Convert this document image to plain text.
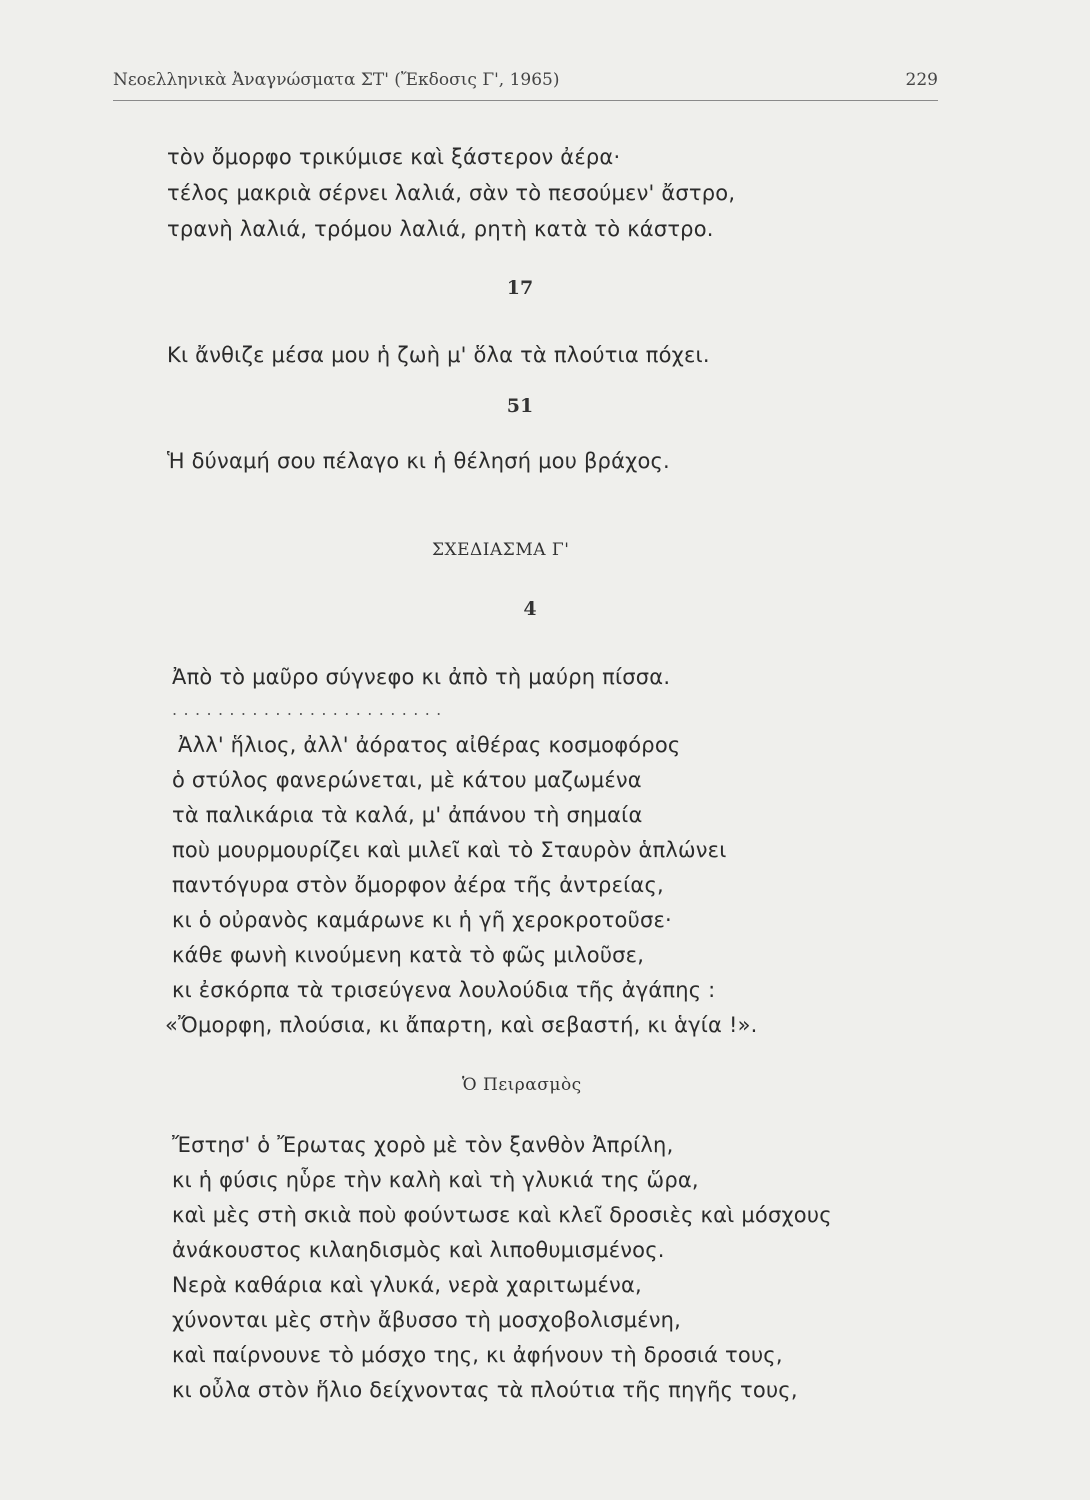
Νεοελληνικὰ Ἀναγνώσματα ΣΤ' (Ἔκδοσις Γ', 1965)	229
τὸν ὄμορφο τρικύμισε καὶ ξάστερον ἀέρα·
τέλος μακριὰ σέρνει λαλιά, σὰν τὸ πεσούμεν' ἄστρο,
τρανὴ λαλιά, τρόμου λαλιά, ρητὴ κατὰ τὸ κάστρο.
17
Κι ἄνθιζε μέσα μου ἡ ζωὴ μ' ὅλα τὰ πλούτια πόχει.
51
Ἡ δύναμή σου πέλαγο κι ἡ θέλησή μου βράχος.
ΣΧΕΔΙΑΣΜΑ Γ'
4
Ἀπὸ τὸ μαῦρο σύγνεφο κι ἀπὸ τὴ μαύρη πίσσα.
........................
Ἀλλ' ἥλιος, ἀλλ' ἀόρατος αἰθέρας κοσμοφόρος
ὁ στύλος φανερώνεται, μὲ κάτου μαζωμένα
τὰ παλικάρια τὰ καλά, μ' ἀπάνου τὴ σημαία
ποὺ μουρμουρίζει καὶ μιλεῖ καὶ τὸ Σταυρὸν ἁπλώνει
παντόγυρα στὸν ὄμορφον ἀέρα τῆς ἀντρείας,
κι ὁ οὐρανὸς καμάρωνε κι ἡ γῆ χεροκροτοῦσε·
κάθε φωνὴ κινούμενη κατὰ τὸ φῶς μιλοῦσε,
κι ἐσκόρπα τὰ τρισεύγενα λουλούδια τῆς ἀγάπης :
«Ὄμορφη, πλούσια, κι ἄπαρτη, καὶ σεβαστή, κι ἁγία !».
Ὁ Πειρασμὸς
Ἔστησ' ὁ Ἔρωτας χορὸ μὲ τὸν ξανθὸν Ἀπρίλη,
κι ἡ φύσις ηὗρε τὴν καλὴ καὶ τὴ γλυκιά της ὥρα,
καὶ μὲς στὴ σκιὰ ποὺ φούντωσε καὶ κλεῖ δροσιὲς καὶ μόσχους
ἀνάκουστος κιλαηδισμὸς καὶ λιποθυμισμένος.
Νερὰ καθάρια καὶ γλυκά, νερὰ χαριτωμένα,
χύνονται μὲς στὴν ἄβυσσο τὴ μοσχοβολισμένη,
καὶ παίρνουνε τὸ μόσχο της, κι ἀφήνουν τὴ δροσιά τους,
κι οὖλα στὸν ἥλιο δείχνοντας τὰ πλούτια τῆς πηγῆς τους,
